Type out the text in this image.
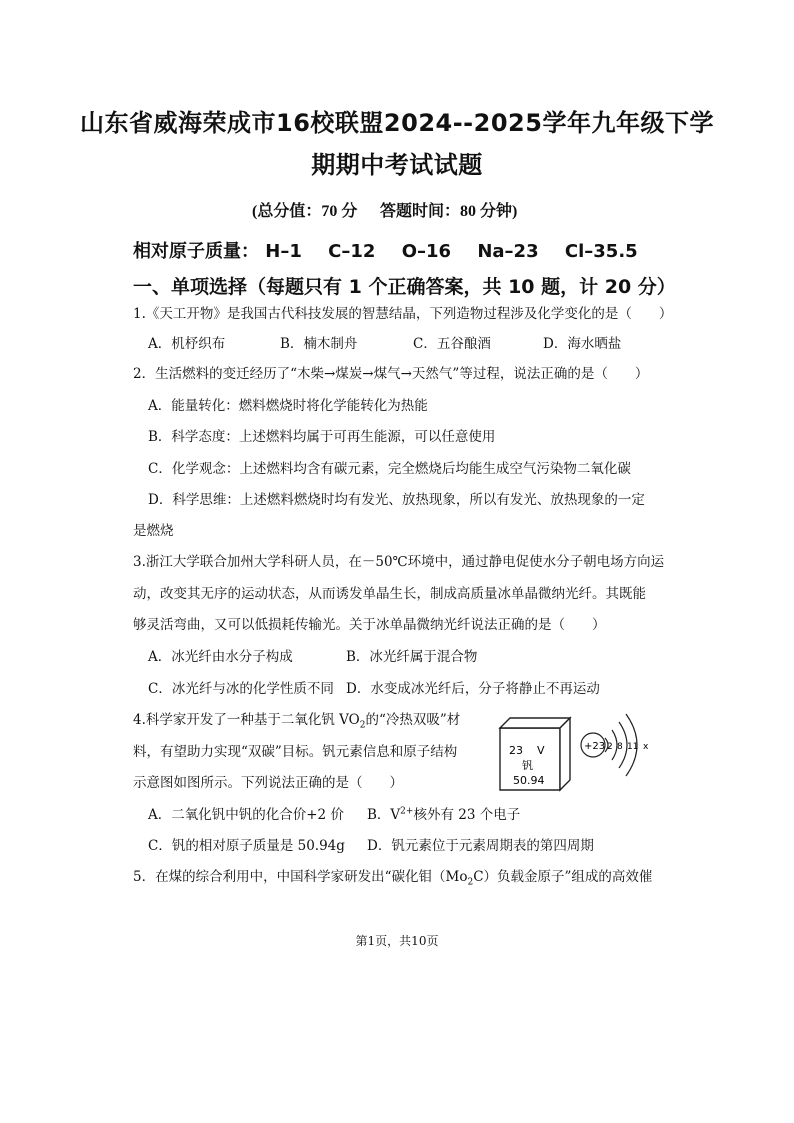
山东省威海荣成市16校联盟2024--2025学年九年级下学
期期中考试试题
(总分值：70 分 答题时间：80 分钟)
相对原子质量： H–1 C–12 O–16 Na–23 Cl–35.5
一、单项选择（每题只有 1 个正确答案，共 10 题，计 20 分）
1.《天工开物》是我国古代科技发展的智慧结晶，下列造物过程涉及化学变化的是（　　）
A．机杼织布	B．楠木制舟	C．五谷酿酒	D．海水晒盐
2．生活燃料的变迁经历了“木柴→煤炭→煤气→天然气”等过程，说法正确的是（　　）
A．能量转化：燃料燃烧时将化学能转化为热能
B．科学态度：上述燃料均属于可再生能源，可以任意使用
C．化学观念：上述燃料均含有碳元素，完全燃烧后均能生成空气污染物二氧化碳
D．科学思维：上述燃料燃烧时均有发光、放热现象，所以有发光、放热现象的一定
是燃烧
3.浙江大学联合加州大学科研人员，在－50℃环境中，通过静电促使水分子朝电场方向运
动，改变其无序的运动状态，从而诱发单晶生长，制成高质量冰单晶微纳光纤。其既能
够灵活弯曲，又可以低损耗传输光。关于冰单晶微纳光纤说法正确的是（　　）
A．冰光纤由水分子构成	B．冰光纤属于混合物
C．冰光纤与冰的化学性质不同 D．水变成冰光纤后，分子将静止不再运动
4.科学家开发了一种基于二氧化钒 $VO_2$的“冷热双吸”材
料，有望助力实现“双碳”目标。钒元素信息和原子结构
示意图如图所示。下列说法正确的是（　　）
23 V
钒
50.94
+23 2 8 11 x
A．二氧化钒中钒的化合价+2 价 B．$V^{2+}$核外有 23 个电子
C．钒的相对原子质量是 50.94g D．钒元素位于元素周期表的第四周期
5．在煤的综合利用中，中国科学家研发出“碳化钼$(Mo_2C)$负载金原子”组成的高效催
第1页，共10页
